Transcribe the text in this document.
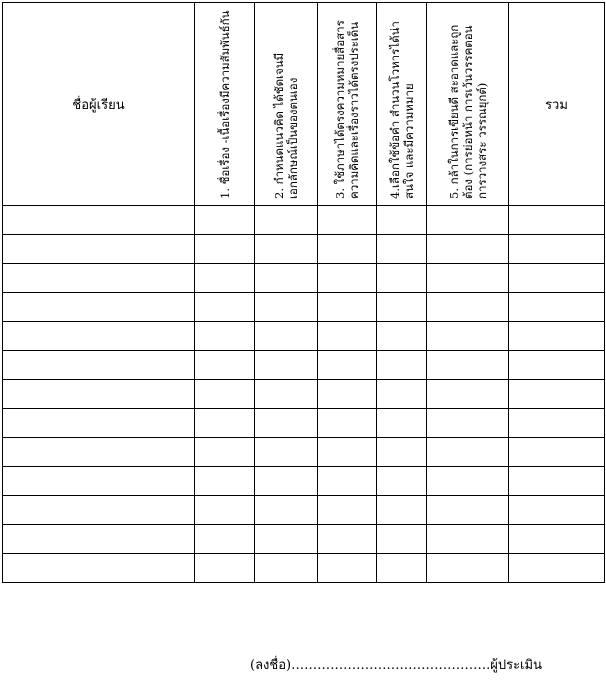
ชื่อผู้เรียน	1. ชื่อเรื่อง -เนื้อเรื่องมีความสัมพันธ์กัน	2. กำหนดแนวคิด ได้ชัดเจนมีเอกลักษณ์เป็นของตนเอง	3. ใช้ภาษาได้ตรงความหมายสื่อสารความคิดและเรื่องราวได้ตรงประเด็น	4.เลือกใช้ข้อคำ สำนวนโวหารได้น่าสนใจ และมีความหมาย	5. กล้าในการเขียนดี สะอาดและถูกต้อง (การย่อหน้า การเว้นวรรคตอน การวางสระ วรรณยุกต์)	รวม

(ลงชื่อ)……………………………………….ผู้ประเมิน
